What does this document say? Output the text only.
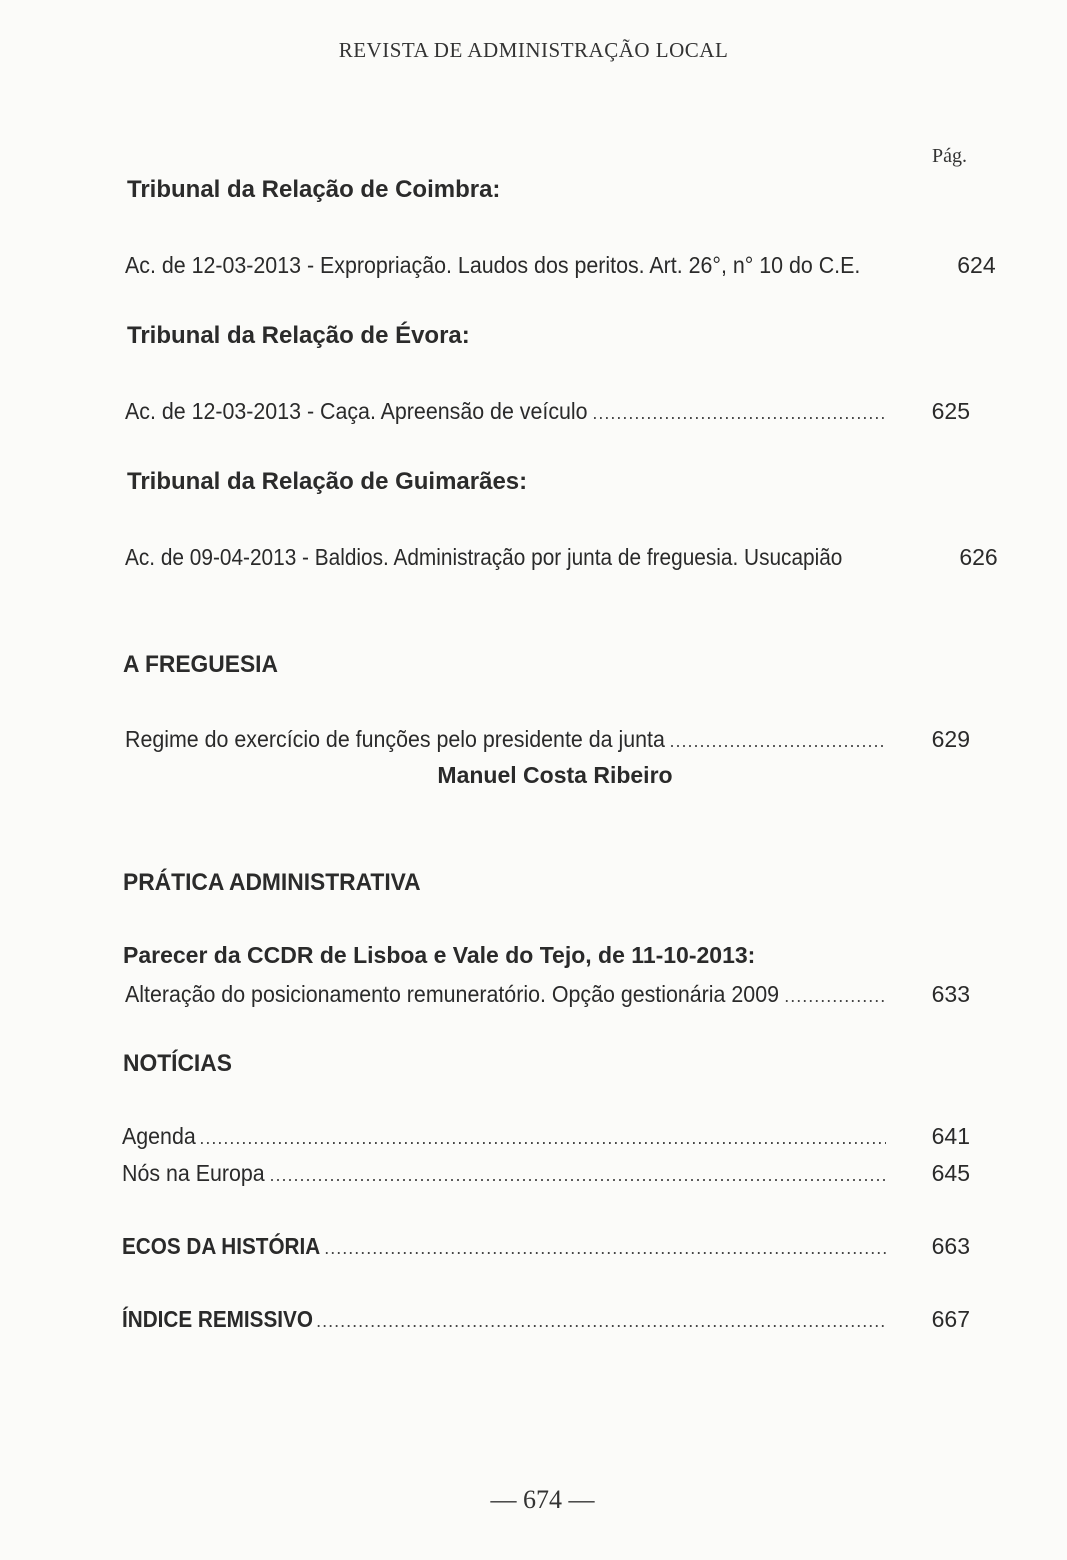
REVISTA DE ADMINISTRAÇÃO LOCAL
Pág.
Tribunal da Relação de Coimbra:
Ac. de 12-03-2013 - Expropriação. Laudos dos peritos. Art. 26°, n° 10 do C.E.	624
Tribunal da Relação de Évora:
Ac. de 12-03-2013 - Caça. Apreensão de veículo .....	625
Tribunal da Relação de Guimarães:
Ac. de 09-04-2013 - Baldios. Administração por junta de freguesia. Usucapião	626
A FREGUESIA
Regime do exercício de funções pelo presidente da junta .....	629
Manuel Costa Ribeiro
PRÁTICA ADMINISTRATIVA
Parecer da CCDR de Lisboa e Vale do Tejo, de 11-10-2013:
Alteração do posicionamento remuneratório. Opção gestionária 2009 .....	633
NOTÍCIAS
Agenda .....	641
Nós na Europa .....	645
ECOS DA HISTÓRIA .....	663
ÍNDICE REMISSIVO .....	667
— 674 —
